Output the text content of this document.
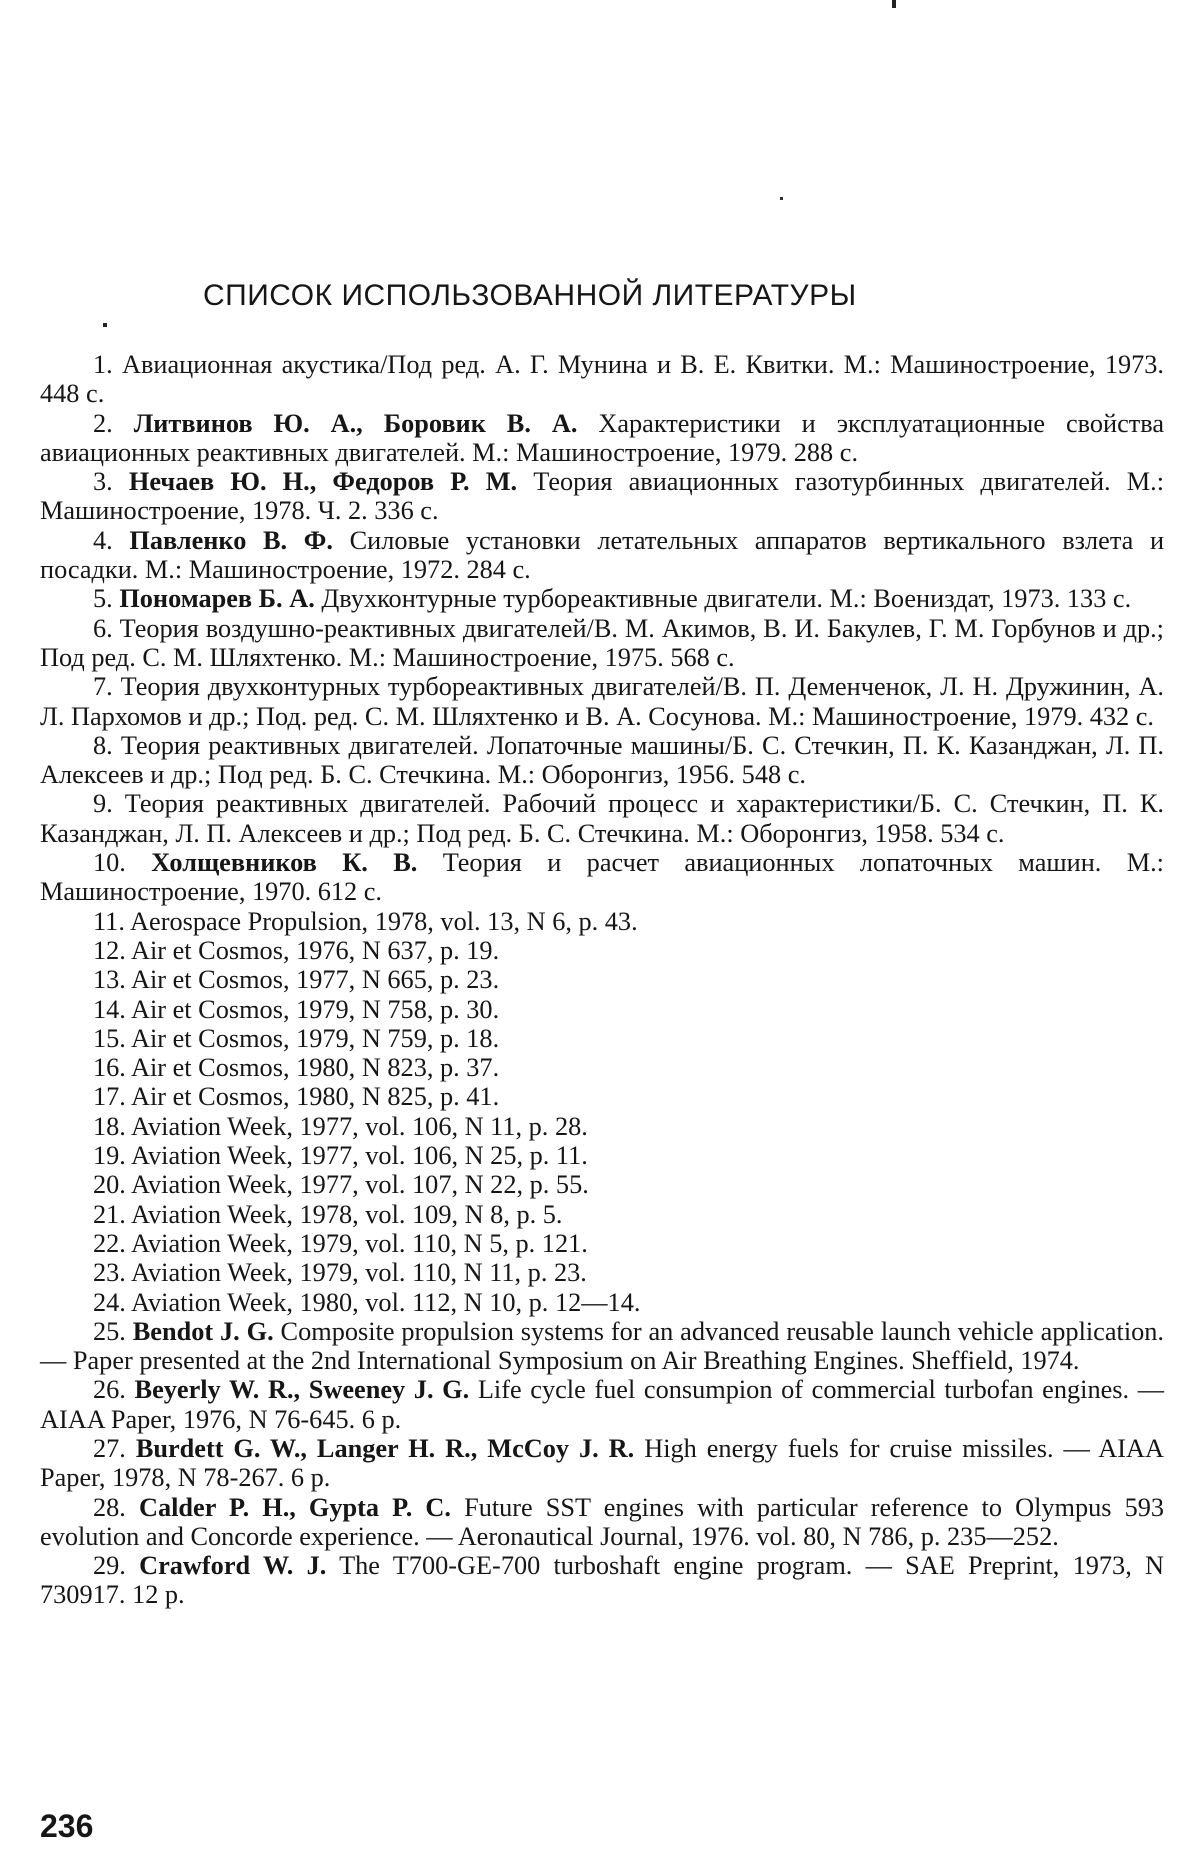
СПИСОК ИСПОЛЬЗОВАННОЙ ЛИТЕРАТУРЫ

1. Авиационная акустика/Под ред. А. Г. Мунина и В. Е. Квитки. М.: Машиностроение, 1973. 448 с.

2. Литвинов Ю. А., Боровик В. А. Характеристики и эксплуатационные свойства авиационных реактивных двигателей. М.: Машиностроение, 1979. 288 с.

3. Нечаев Ю. Н., Федоров Р. М. Теория авиационных газотурбинных двигателей. М.: Машиностроение, 1978. Ч. 2. 336 с.

4. Павленко В. Ф. Силовые установки летательных аппаратов вертикального взлета и посадки. М.: Машиностроение, 1972. 284 с.

5. Пономарев Б. А. Двухконтурные турбореактивные двигатели. М.: Воениздат, 1973. 133 с.

6. Теория воздушно-реактивных двигателей/В. М. Акимов, В. И. Бакулев, Г. М. Горбунов и др.; Под ред. С. М. Шляхтенко. М.: Машиностроение, 1975. 568 с.

7. Теория двухконтурных турбореактивных двигателей/В. П. Деменченок, Л. Н. Дружинин, А. Л. Пархомов и др.; Под. ред. С. М. Шляхтенко и В. А. Сосунова. М.: Машиностроение, 1979. 432 с.

8. Теория реактивных двигателей. Лопаточные машины/Б. С. Стечкин, П. К. Казанджан, Л. П. Алексеев и др.; Под ред. Б. С. Стечкина. М.: Оборонгиз, 1956. 548 с.

9. Теория реактивных двигателей. Рабочий процесс и характеристики/Б. С. Стечкин, П. К. Казанджан, Л. П. Алексеев и др.; Под ред. Б. С. Стечкина. М.: Оборонгиз, 1958. 534 с.

10. Холщевников К. В. Теория и расчет авиационных лопаточных машин. М.: Машиностроение, 1970. 612 с.

11. Aerospace Propulsion, 1978, vol. 13, N 6, p. 43.

12. Air et Cosmos, 1976, N 637, p. 19.

13. Air et Cosmos, 1977, N 665, p. 23.

14. Air et Cosmos, 1979, N 758, p. 30.

15. Air et Cosmos, 1979, N 759, p. 18.

16. Air et Cosmos, 1980, N 823, p. 37.

17. Air et Cosmos, 1980, N 825, p. 41.

18. Aviation Week, 1977, vol. 106, N 11, p. 28.

19. Aviation Week, 1977, vol. 106, N 25, p. 11.

20. Aviation Week, 1977, vol. 107, N 22, p. 55.

21. Aviation Week, 1978, vol. 109, N 8, p. 5.

22. Aviation Week, 1979, vol. 110, N 5, p. 121.

23. Aviation Week, 1979, vol. 110, N 11, p. 23.

24. Aviation Week, 1980, vol. 112, N 10, p. 12—14.

25. Bendot J. G. Composite propulsion systems for an advanced reusable launch vehicle application. — Paper presented at the 2nd International Symposium on Air Breathing Engines. Sheffield, 1974.

26. Beyerly W. R., Sweeney J. G. Life cycle fuel consumpion of commercial turbofan engines. — AIAA Paper, 1976, N 76-645. 6 p.

27. Burdett G. W., Langer H. R., McCoy J. R. High energy fuels for cruise missiles. — AIAA Paper, 1978, N 78-267. 6 p.

28. Calder P. H., Gypta P. C. Future SST engines with particular reference to Olympus 593 evolution and Concorde experience. — Aeronautical Journal, 1976. vol. 80, N 786, p. 235—252.

29. Crawford W. J. The T700-GE-700 turboshaft engine program. — SAE Preprint, 1973, N 730917. 12 p.

236
